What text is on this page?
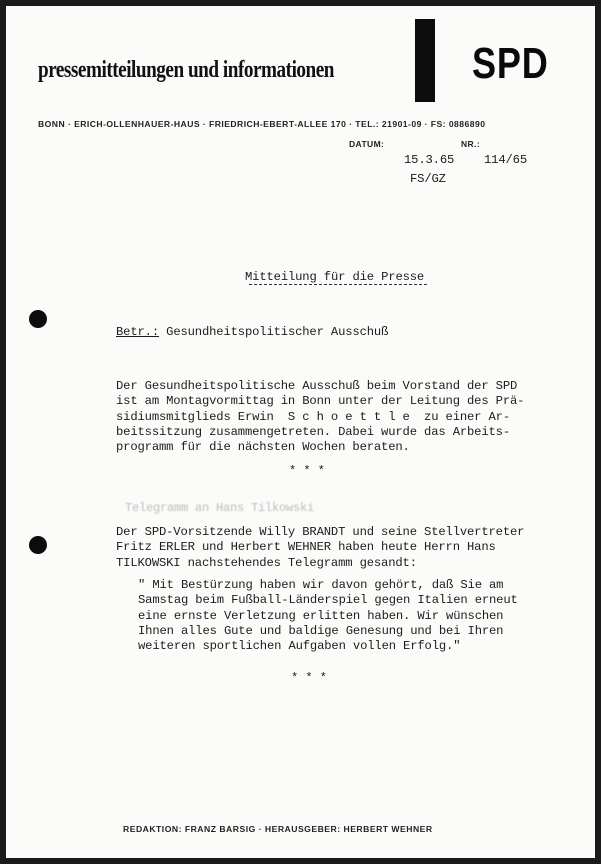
pressemitteilungen und informationen	SPD
BONN · ERICH-OLLENHAUER-HAUS · FRIEDRICH-EBERT-ALLEE 170 · TEL.: 21901-09 · FS: 0886890
DATUM:	NR.:
15.3.65 114/65
FS/GZ
Mitteilung für die Presse
Betr.: Gesundheitspolitischer Ausschuß

Der Gesundheitspolitische Ausschuß beim Vorstand der SPD
ist am Montagvormittag in Bonn unter der Leitung des Prä-
sidiumsmitglieds Erwin  S c h o e t t l e  zu einer Ar-
beitssitzung zusammengetreten. Dabei wurde das Arbeits-
programm für die nächsten Wochen beraten.

* * *
Telegramm an Hans Tilkowski

Der SPD-Vorsitzende Willy BRANDT und seine Stellvertreter
Fritz ERLER und Herbert WEHNER haben heute Herrn Hans
TILKOWSKI nachstehendes Telegramm gesandt:

" Mit Bestürzung haben wir davon gehört, daß Sie am
Samstag beim Fußball-Länderspiel gegen Italien erneut
eine ernste Verletzung erlitten haben. Wir wünschen
Ihnen alles Gute und baldige Genesung und bei Ihren
weiteren sportlichen Aufgaben vollen Erfolg."

* * *
REDAKTION: FRANZ BARSIG · HERAUSGEBER: HERBERT WEHNER
